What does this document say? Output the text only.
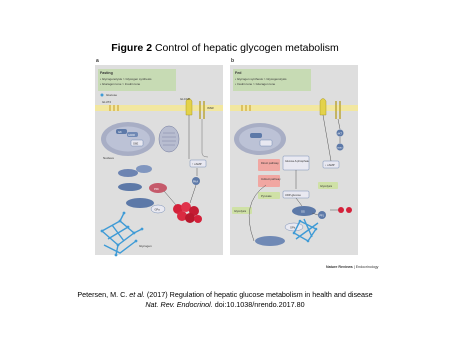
Figure 2 Control of hepatic glycogen metabolism
a
Fasting
• Glycogenolysis > Glycogen synthesis
• Glucagon tone > Insulin tone
Glucose
GLUT2
GLCGR
INSR
Nucleus
GK
GCKR
G6E
↑ cAMP
PKA
PhK
GPa
Glycogen
b
Fed
• Glycogen synthesis > Glycogenolysis
• Insulin tone > Glucagon tone
Direct pathway
Glucose-6-phosphate
Indirect pathway
Pyruvate	UDP-glucose
Glycolysis
Glycolysis
↓ cAMP
AKT
GSK3
GS
PP1
GPb
Nature Reviews | Endocrinology
Petersen, M. C. et al. (2017) Regulation of hepatic glucose metabolism in health and disease
Nat. Rev. Endocrinol. doi:10.1038/nrendo.2017.80
